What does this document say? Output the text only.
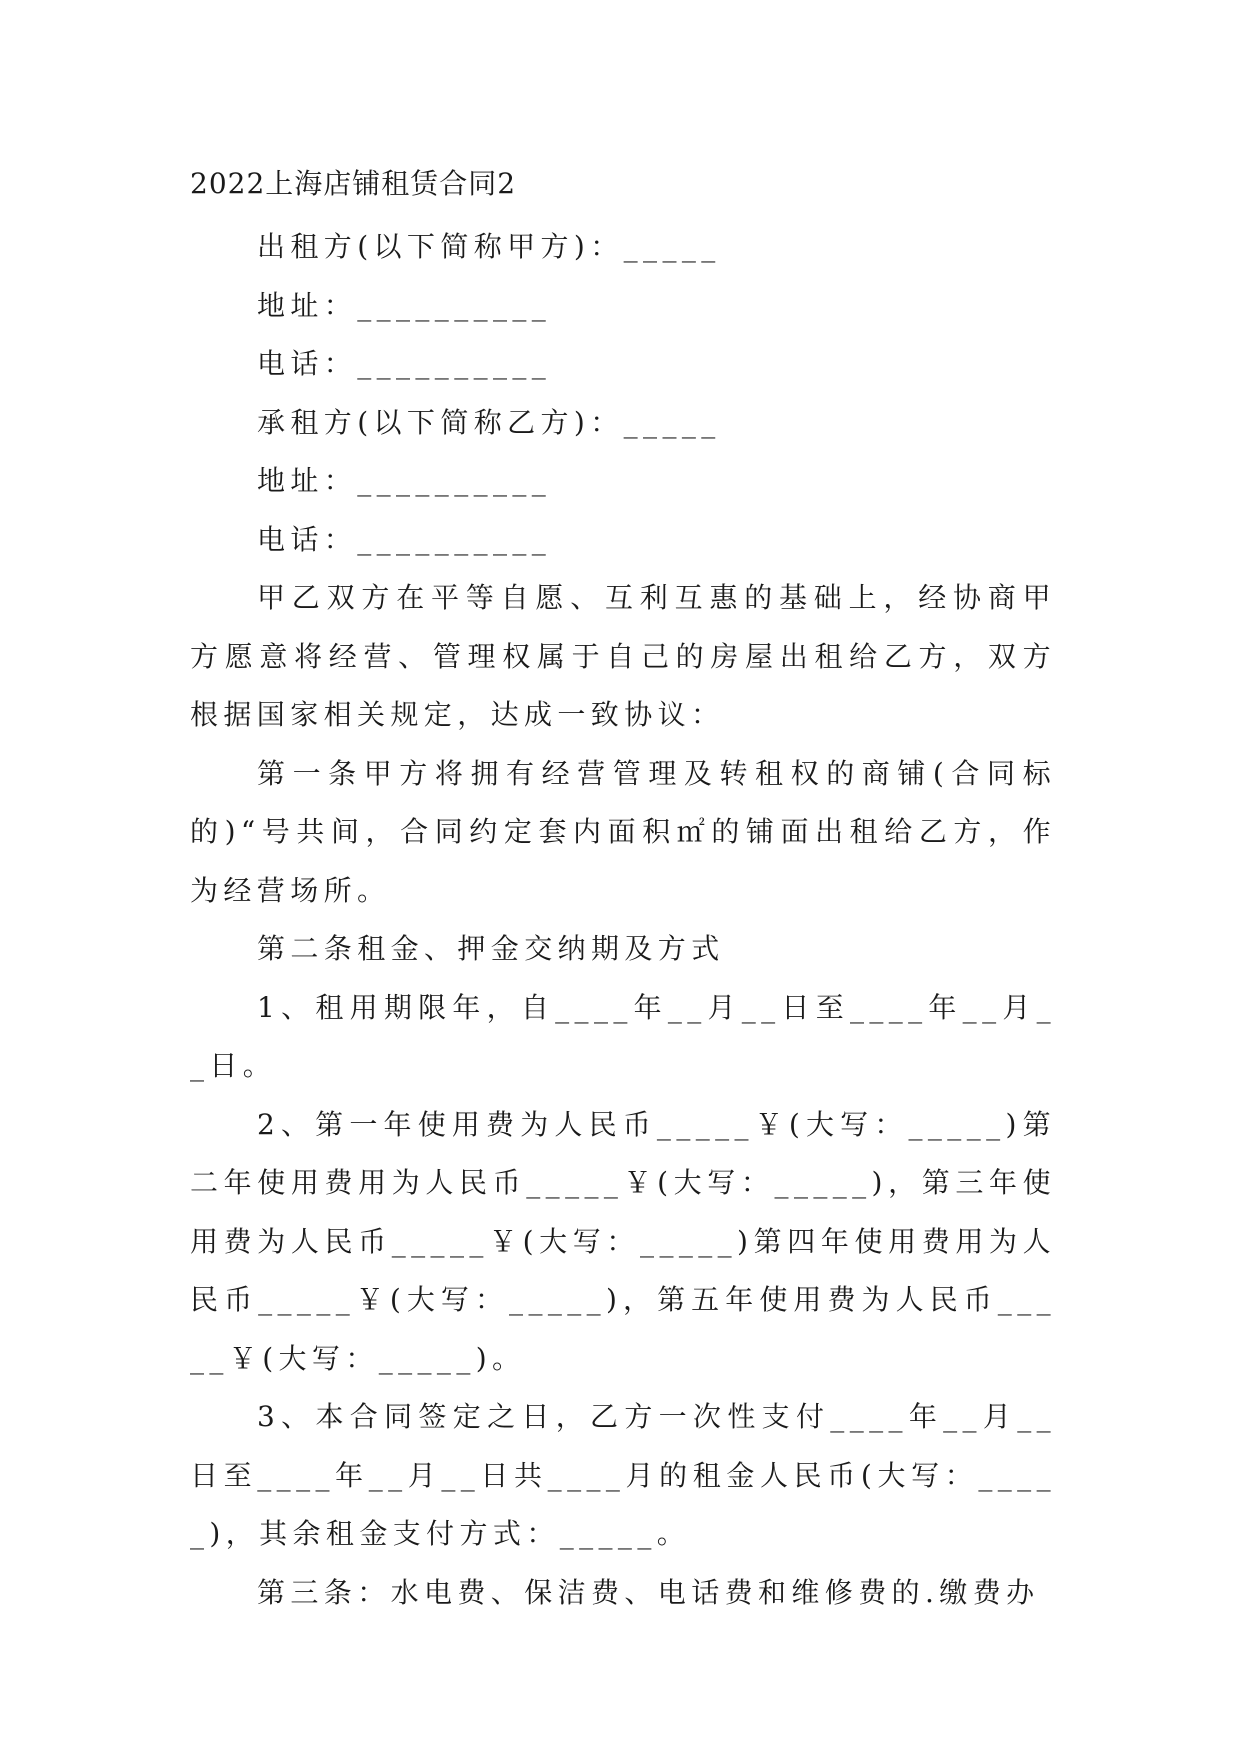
2022上海店铺租赁合同2

出租方(以下简称甲方)：_____

地址：__________

电话：__________

承租方(以下简称乙方)：_____

地址：__________

电话：__________

甲乙双方在平等自愿、互利互惠的基础上，经协商甲方愿意将经营、管理权属于自己的房屋出租给乙方，双方根据国家相关规定，达成一致协议：

第一条甲方将拥有经营管理及转租权的商铺(合同标的)“号共间，合同约定套内面积㎡的铺面出租给乙方，作为经营场所。

第二条租金、押金交纳期及方式

1、租用期限年，自____年__月__日至____年__月__日。

2、第一年使用费为人民币_____￥(大写：_____)第二年使用费用为人民币_____￥(大写：_____)，第三年使用费为人民币_____￥(大写：_____)第四年使用费用为人民币_____￥(大写：_____)，第五年使用费为人民币_____￥(大写：_____)。

3、本合同签定之日，乙方一次性支付____年__月__日至____年__月__日共____月的租金人民币(大写：_____)，其余租金支付方式：_____。

第三条：水电费、保洁费、电话费和维修费的.缴费办
